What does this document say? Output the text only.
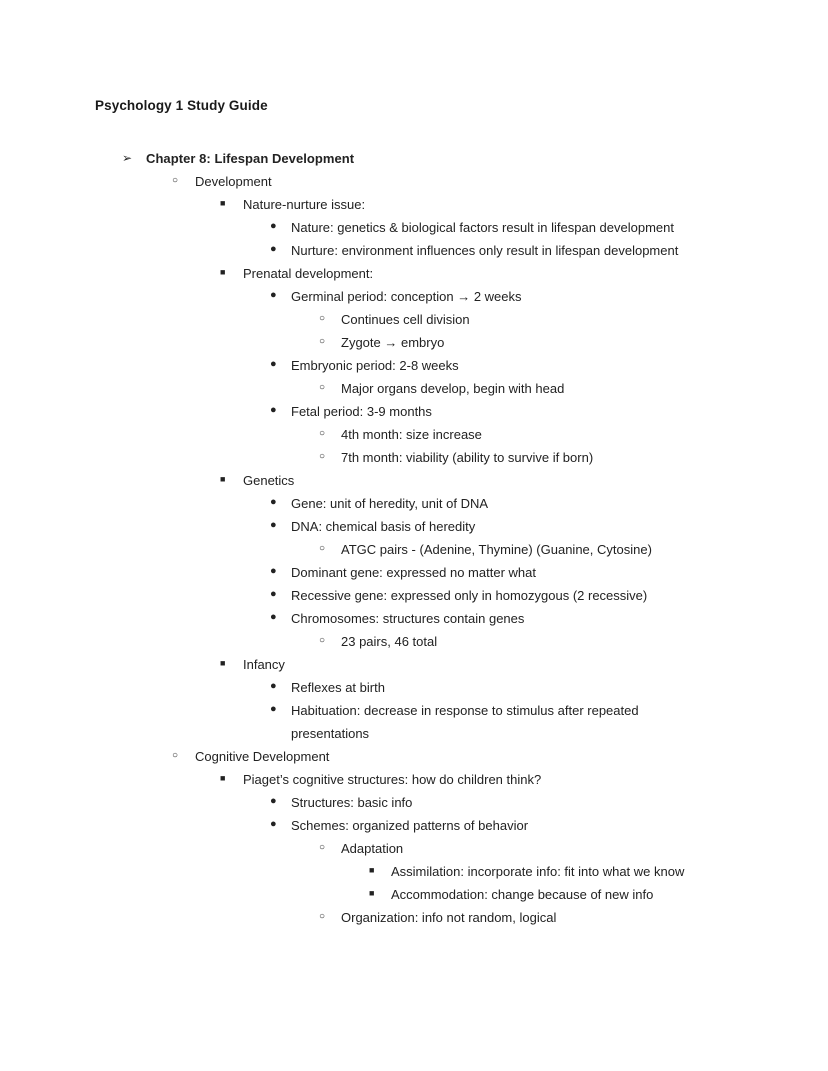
Psychology 1 Study Guide
➢	Chapter 8: Lifespan Development
○	Development
■	Nature-nurture issue:
●	Nature: genetics & biological factors result in lifespan development
●	Nurture: environment influences only result in lifespan development
■	Prenatal development:
●	Germinal period: conception → 2 weeks
○	Continues cell division
○	Zygote → embryo
●	Embryonic period: 2-8 weeks
○	Major organs develop, begin with head
●	Fetal period: 3-9 months
○	4th month: size increase
○	7th month: viability (ability to survive if born)
■	Genetics
●	Gene: unit of heredity, unit of DNA
●	DNA: chemical basis of heredity
○	ATGC pairs - (Adenine, Thymine) (Guanine, Cytosine)
●	Dominant gene: expressed no matter what
●	Recessive gene: expressed only in homozygous (2 recessive)
●	Chromosomes: structures contain genes
○	23 pairs, 46 total
■	Infancy
●	Reflexes at birth
●	Habituation: decrease in response to stimulus after repeated presentations
○	Cognitive Development
■	Piaget’s cognitive structures: how do children think?
●	Structures: basic info
●	Schemes: organized patterns of behavior
○	Adaptation
■	Assimilation: incorporate info: fit into what we know
■	Accommodation: change because of new info
○	Organization: info not random, logical
